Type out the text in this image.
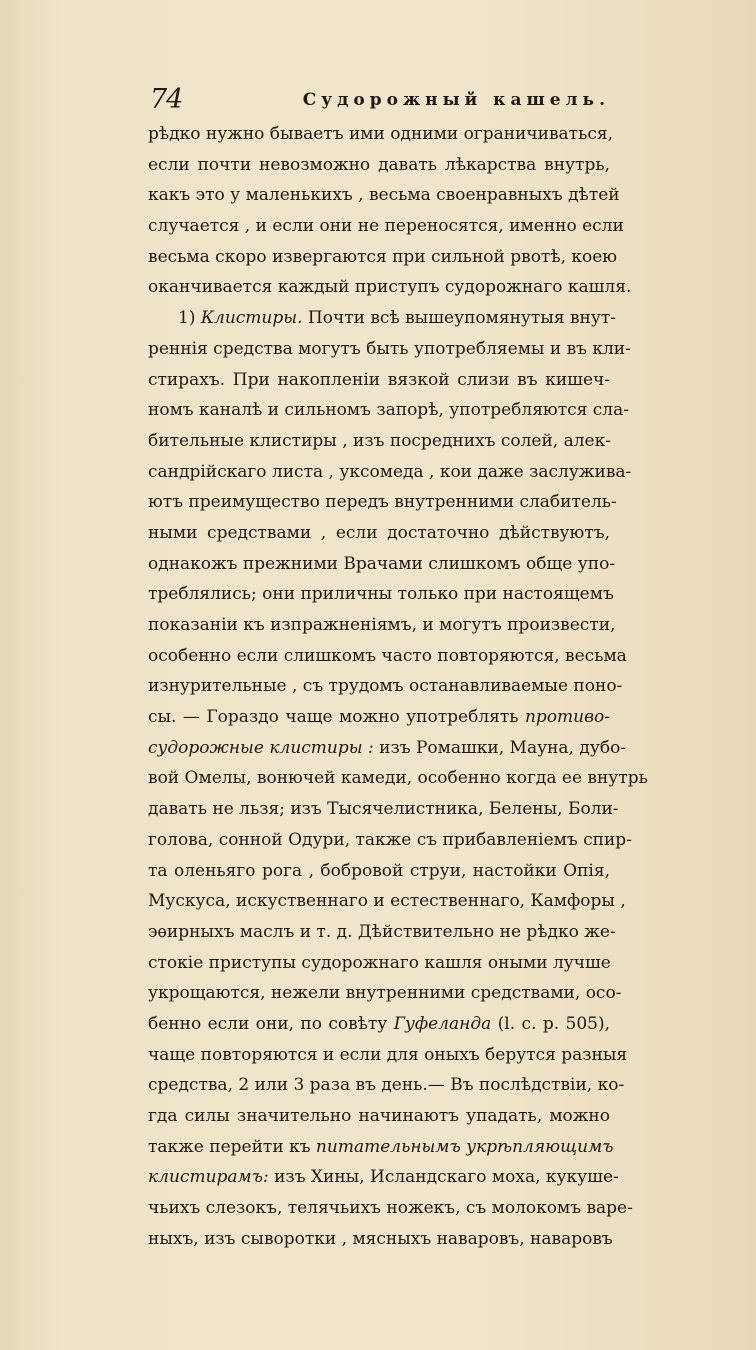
74	Судорожный кашель.
рѣдко нужно бываетъ ими одними ограничиваться,
если почти невозможно давать лѣкарства внутрь,
какъ это у маленькихъ , весьма своенравныхъ дѣтей
случается , и если они не переносятся, именно если
весьма скоро извергаются при сильной рвотѣ, коею
оканчивается каждый приступъ судорожнаго кашля.
1) Клистиры. Почти всѣ вышеупомянутыя внут-
реннія средства могутъ быть употребляемы и въ кли-
стирахъ. При накопленіи вязкой слизи въ кишеч-
номъ каналѣ и сильномъ запорѣ, употребляются сла-
бительные клистиры , изъ посреднихъ солей, алек-
сандрійскаго листа , уксомеда , кои даже заслужива-
ютъ преимущество передъ внутренними слабитель-
ными средствами , если достаточно дѣйствуютъ,
однакожъ прежними Врачами слишкомъ обще упо-
треблялись; они приличны только при настоящемъ
показаніи къ изпражненіямъ, и могутъ произвести,
особенно если слишкомъ часто повторяются, весьма
изнурительные , съ трудомъ останавливаемые поно-
сы. — Гораздо чаще можно употреблять противо-
судорожные клистиры : изъ Ромашки, Мауна, дубо-
вой Омелы, вонючей камеди, особенно когда ее внутрь
давать не льзя; изъ Тысячелистника, Белены, Боли-
голова, сонной Одури, также съ прибавленіемъ спир-
та оленьяго рога , бобровой струи, настойки Опія,
Мускуса, искуственнаго и естественнаго, Камфоры ,
эѳирныхъ маслъ и т. д. Дѣйствительно не рѣдко же-
стокіе приступы судорожнаго кашля оными лучше
укрощаются, нежели внутренними средствами, осо-
бенно если они, по совѣту Гуфеланда (l. c. p. 505),
чаще повторяются и если для оныхъ берутся разныя
средства, 2 или 3 раза въ день.— Въ послѣдствіи, ко-
гда силы значительно начинаютъ упадать, можно
также перейти къ питательнымъ укрѣпляющимъ
клистирамъ: изъ Хины, Исландскаго моха, кукуше-
чьихъ слезокъ, телячьихъ ножекъ, съ молокомъ варе-
ныхъ, изъ сыворотки , мясныхъ наваровъ, наваровъ
